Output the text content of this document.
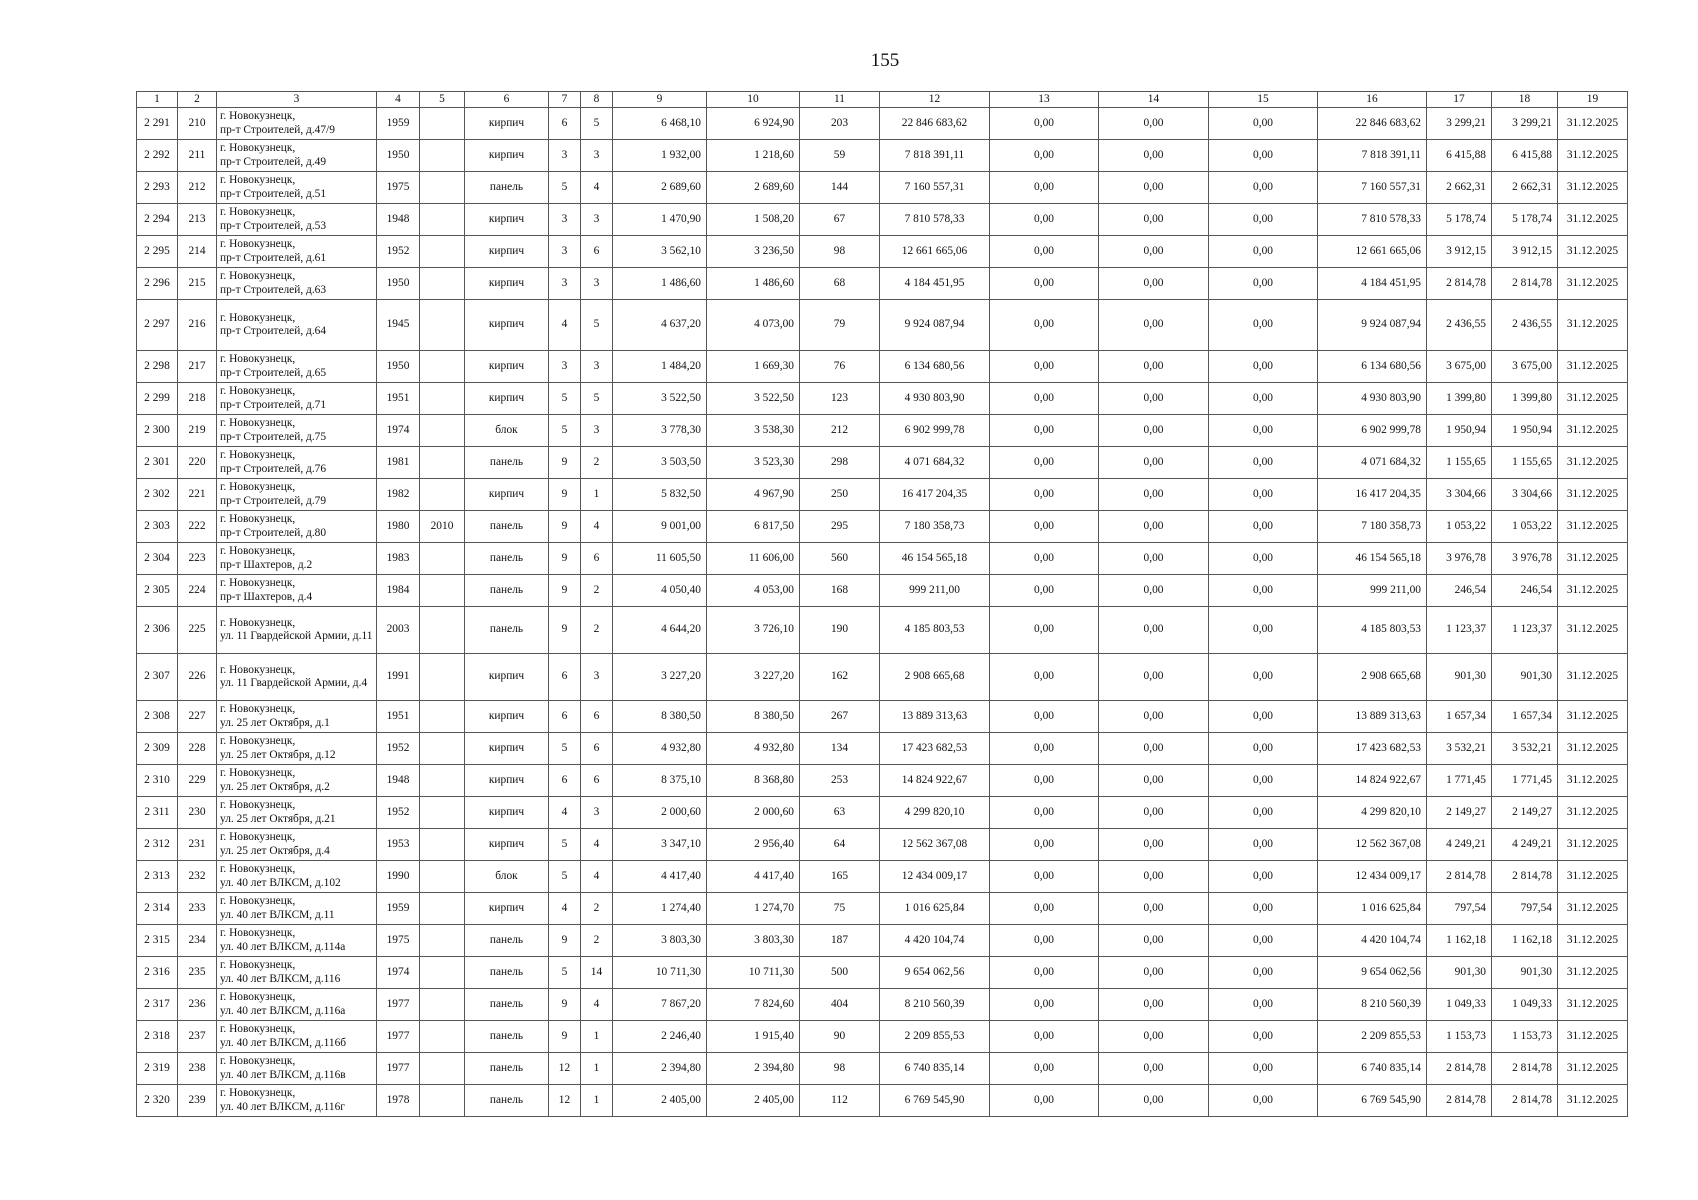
155
1	2	3	4	5	6	7	8	9	10	11	12	13	14	15	16	17	18	19
2 291	210	г. Новокузнецк,
пр-т Строителей, д.47/9	1959		кирпич	6	5	6 468,10	6 924,90	203	22 846 683,62	0,00	0,00	0,00	22 846 683,62	3 299,21	3 299,21	31.12.2025
2 292	211	г. Новокузнецк,
пр-т Строителей, д.49	1950		кирпич	3	3	1 932,00	1 218,60	59	7 818 391,11	0,00	0,00	0,00	7 818 391,11	6 415,88	6 415,88	31.12.2025
2 293	212	г. Новокузнецк,
пр-т Строителей, д.51	1975		панель	5	4	2 689,60	2 689,60	144	7 160 557,31	0,00	0,00	0,00	7 160 557,31	2 662,31	2 662,31	31.12.2025
2 294	213	г. Новокузнецк,
пр-т Строителей, д.53	1948		кирпич	3	3	1 470,90	1 508,20	67	7 810 578,33	0,00	0,00	0,00	7 810 578,33	5 178,74	5 178,74	31.12.2025
2 295	214	г. Новокузнецк,
пр-т Строителей, д.61	1952		кирпич	3	6	3 562,10	3 236,50	98	12 661 665,06	0,00	0,00	0,00	12 661 665,06	3 912,15	3 912,15	31.12.2025
2 296	215	г. Новокузнецк,
пр-т Строителей, д.63	1950		кирпич	3	3	1 486,60	1 486,60	68	4 184 451,95	0,00	0,00	0,00	4 184 451,95	2 814,78	2 814,78	31.12.2025
2 297	216	г. Новокузнецк,
пр-т Строителей, д.64	1945		кирпич	4	5	4 637,20	4 073,00	79	9 924 087,94	0,00	0,00	0,00	9 924 087,94	2 436,55	2 436,55	31.12.2025
2 298	217	г. Новокузнецк,
пр-т Строителей, д.65	1950		кирпич	3	3	1 484,20	1 669,30	76	6 134 680,56	0,00	0,00	0,00	6 134 680,56	3 675,00	3 675,00	31.12.2025
2 299	218	г. Новокузнецк,
пр-т Строителей, д.71	1951		кирпич	5	5	3 522,50	3 522,50	123	4 930 803,90	0,00	0,00	0,00	4 930 803,90	1 399,80	1 399,80	31.12.2025
2 300	219	г. Новокузнецк,
пр-т Строителей, д.75	1974		блок	5	3	3 778,30	3 538,30	212	6 902 999,78	0,00	0,00	0,00	6 902 999,78	1 950,94	1 950,94	31.12.2025
2 301	220	г. Новокузнецк,
пр-т Строителей, д.76	1981		панель	9	2	3 503,50	3 523,30	298	4 071 684,32	0,00	0,00	0,00	4 071 684,32	1 155,65	1 155,65	31.12.2025
2 302	221	г. Новокузнецк,
пр-т Строителей, д.79	1982		кирпич	9	1	5 832,50	4 967,90	250	16 417 204,35	0,00	0,00	0,00	16 417 204,35	3 304,66	3 304,66	31.12.2025
2 303	222	г. Новокузнецк,
пр-т Строителей, д.80	1980	2010	панель	9	4	9 001,00	6 817,50	295	7 180 358,73	0,00	0,00	0,00	7 180 358,73	1 053,22	1 053,22	31.12.2025
2 304	223	г. Новокузнецк,
пр-т Шахтеров, д.2	1983		панель	9	6	11 605,50	11 606,00	560	46 154 565,18	0,00	0,00	0,00	46 154 565,18	3 976,78	3 976,78	31.12.2025
2 305	224	г. Новокузнецк,
пр-т Шахтеров, д.4	1984		панель	9	2	4 050,40	4 053,00	168	999 211,00	0,00	0,00	0,00	999 211,00	246,54	246,54	31.12.2025
2 306	225	г. Новокузнецк,
ул. 11 Гвардейской Армии, д.11	2003		панель	9	2	4 644,20	3 726,10	190	4 185 803,53	0,00	0,00	0,00	4 185 803,53	1 123,37	1 123,37	31.12.2025
2 307	226	г. Новокузнецк,
ул. 11 Гвардейской Армии, д.4	1991		кирпич	6	3	3 227,20	3 227,20	162	2 908 665,68	0,00	0,00	0,00	2 908 665,68	901,30	901,30	31.12.2025
2 308	227	г. Новокузнецк,
ул. 25 лет Октября, д.1	1951		кирпич	6	6	8 380,50	8 380,50	267	13 889 313,63	0,00	0,00	0,00	13 889 313,63	1 657,34	1 657,34	31.12.2025
2 309	228	г. Новокузнецк,
ул. 25 лет Октября, д.12	1952		кирпич	5	6	4 932,80	4 932,80	134	17 423 682,53	0,00	0,00	0,00	17 423 682,53	3 532,21	3 532,21	31.12.2025
2 310	229	г. Новокузнецк,
ул. 25 лет Октября, д.2	1948		кирпич	6	6	8 375,10	8 368,80	253	14 824 922,67	0,00	0,00	0,00	14 824 922,67	1 771,45	1 771,45	31.12.2025
2 311	230	г. Новокузнецк,
ул. 25 лет Октября, д.21	1952		кирпич	4	3	2 000,60	2 000,60	63	4 299 820,10	0,00	0,00	0,00	4 299 820,10	2 149,27	2 149,27	31.12.2025
2 312	231	г. Новокузнецк,
ул. 25 лет Октября, д.4	1953		кирпич	5	4	3 347,10	2 956,40	64	12 562 367,08	0,00	0,00	0,00	12 562 367,08	4 249,21	4 249,21	31.12.2025
2 313	232	г. Новокузнецк,
ул. 40 лет ВЛКСМ, д.102	1990		блок	5	4	4 417,40	4 417,40	165	12 434 009,17	0,00	0,00	0,00	12 434 009,17	2 814,78	2 814,78	31.12.2025
2 314	233	г. Новокузнецк,
ул. 40 лет ВЛКСМ, д.11	1959		кирпич	4	2	1 274,40	1 274,70	75	1 016 625,84	0,00	0,00	0,00	1 016 625,84	797,54	797,54	31.12.2025
2 315	234	г. Новокузнецк,
ул. 40 лет ВЛКСМ, д.114а	1975		панель	9	2	3 803,30	3 803,30	187	4 420 104,74	0,00	0,00	0,00	4 420 104,74	1 162,18	1 162,18	31.12.2025
2 316	235	г. Новокузнецк,
ул. 40 лет ВЛКСМ, д.116	1974		панель	5	14	10 711,30	10 711,30	500	9 654 062,56	0,00	0,00	0,00	9 654 062,56	901,30	901,30	31.12.2025
2 317	236	г. Новокузнецк,
ул. 40 лет ВЛКСМ, д.116а	1977		панель	9	4	7 867,20	7 824,60	404	8 210 560,39	0,00	0,00	0,00	8 210 560,39	1 049,33	1 049,33	31.12.2025
2 318	237	г. Новокузнецк,
ул. 40 лет ВЛКСМ, д.116б	1977		панель	9	1	2 246,40	1 915,40	90	2 209 855,53	0,00	0,00	0,00	2 209 855,53	1 153,73	1 153,73	31.12.2025
2 319	238	г. Новокузнецк,
ул. 40 лет ВЛКСМ, д.116в	1977		панель	12	1	2 394,80	2 394,80	98	6 740 835,14	0,00	0,00	0,00	6 740 835,14	2 814,78	2 814,78	31.12.2025
2 320	239	г. Новокузнецк,
ул. 40 лет ВЛКСМ, д.116г	1978		панель	12	1	2 405,00	2 405,00	112	6 769 545,90	0,00	0,00	0,00	6 769 545,90	2 814,78	2 814,78	31.12.2025
